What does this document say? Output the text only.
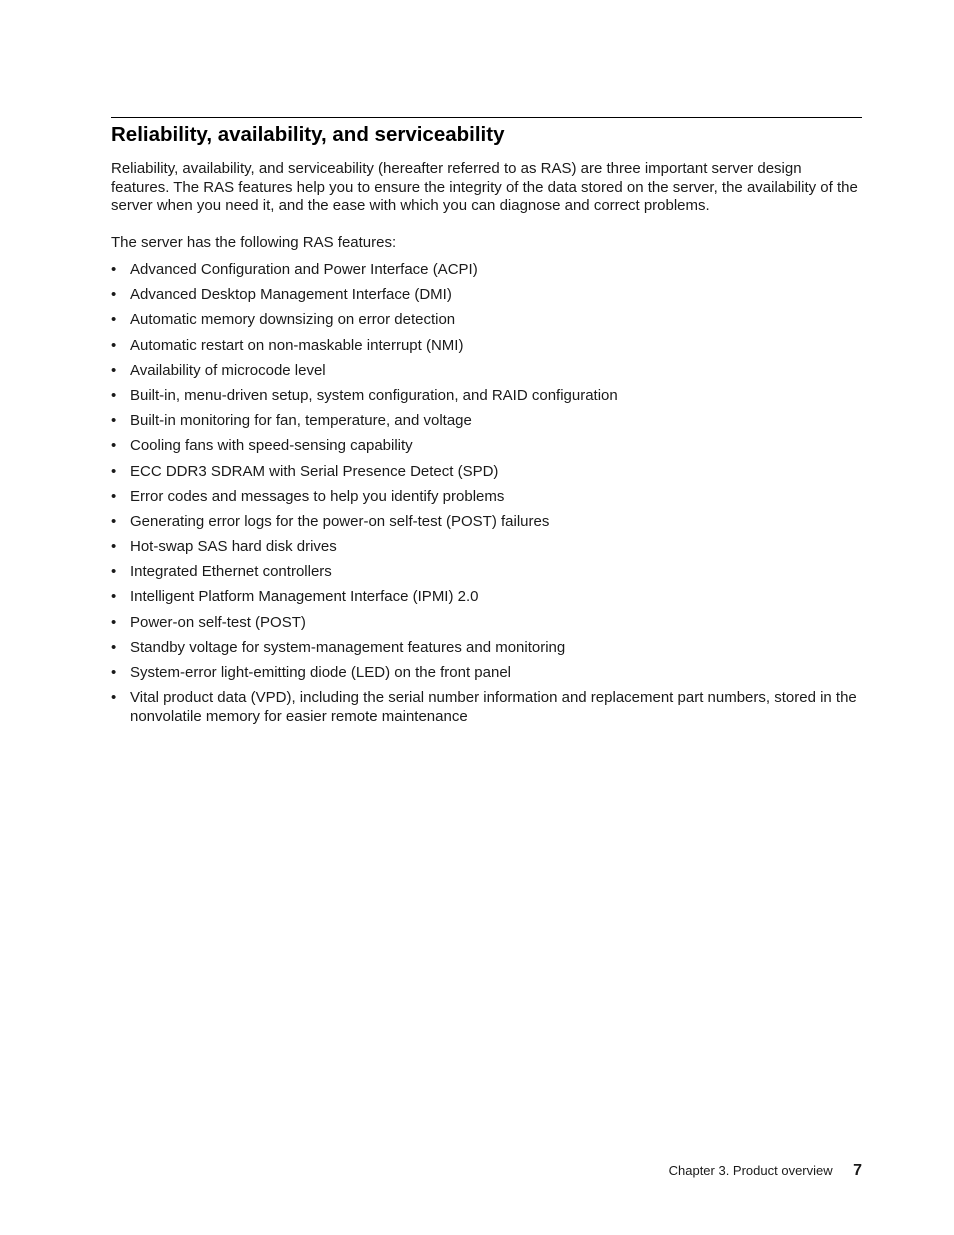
Reliability, availability, and serviceability

Reliability, availability, and serviceability (hereafter referred to as RAS) are three important server design features. The RAS features help you to ensure the integrity of the data stored on the server, the availability of the server when you need it, and the ease with which you can diagnose and correct problems.

The server has the following RAS features:

• Advanced Configuration and Power Interface (ACPI)
• Advanced Desktop Management Interface (DMI)
• Automatic memory downsizing on error detection
• Automatic restart on non-maskable interrupt (NMI)
• Availability of microcode level
• Built-in, menu-driven setup, system configuration, and RAID configuration
• Built-in monitoring for fan, temperature, and voltage
• Cooling fans with speed-sensing capability
• ECC DDR3 SDRAM with Serial Presence Detect (SPD)
• Error codes and messages to help you identify problems
• Generating error logs for the power-on self-test (POST) failures
• Hot-swap SAS hard disk drives
• Integrated Ethernet controllers
• Intelligent Platform Management Interface (IPMI) 2.0
• Power-on self-test (POST)
• Standby voltage for system-management features and monitoring
• System-error light-emitting diode (LED) on the front panel
• Vital product data (VPD), including the serial number information and replacement part numbers, stored in the nonvolatile memory for easier remote maintenance
Chapter 3. Product overview 7
